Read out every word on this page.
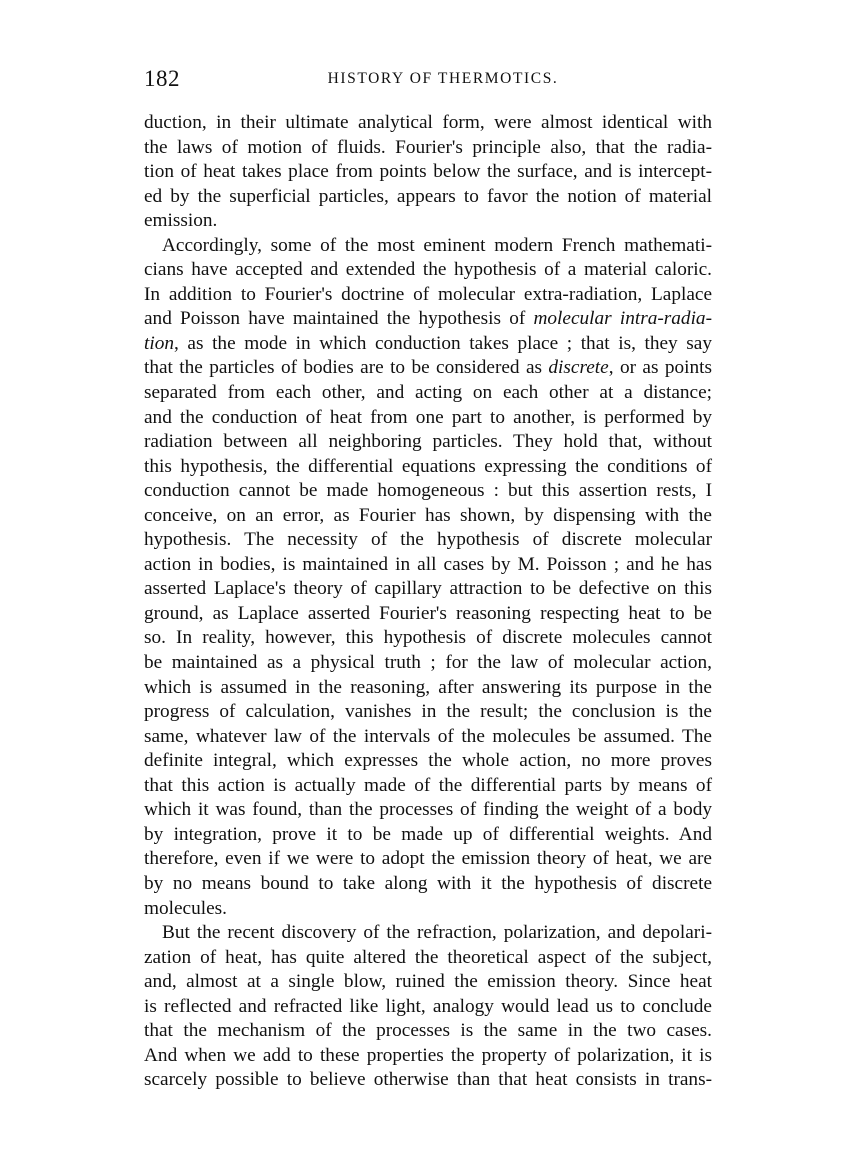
182	HISTORY OF THERMOTICS.
duction, in their ultimate analytical form, were almost identical with
the laws of motion of fluids. Fourier's principle also, that the radia-
tion of heat takes place from points below the surface, and is intercept-
ed by the superficial particles, appears to favor the notion of material
emission.
Accordingly, some of the most eminent modern French mathemati-
cians have accepted and extended the hypothesis of a material caloric.
In addition to Fourier's doctrine of molecular extra-radiation, Laplace
and Poisson have maintained the hypothesis of molecular intra-radia-
tion, as the mode in which conduction takes place ; that is, they say
that the particles of bodies are to be considered as discrete, or as points
separated from each other, and acting on each other at a distance;
and the conduction of heat from one part to another, is performed by
radiation between all neighboring particles. They hold that, without
this hypothesis, the differential equations expressing the conditions of
conduction cannot be made homogeneous : but this assertion rests, I
conceive, on an error, as Fourier has shown, by dispensing with the
hypothesis. The necessity of the hypothesis of discrete molecular
action in bodies, is maintained in all cases by M. Poisson ; and he has
asserted Laplace's theory of capillary attraction to be defective on this
ground, as Laplace asserted Fourier's reasoning respecting heat to be
so. In reality, however, this hypothesis of discrete molecules cannot
be maintained as a physical truth ; for the law of molecular action,
which is assumed in the reasoning, after answering its purpose in the
progress of calculation, vanishes in the result; the conclusion is the
same, whatever law of the intervals of the molecules be assumed. The
definite integral, which expresses the whole action, no more proves
that this action is actually made of the differential parts by means of
which it was found, than the processes of finding the weight of a body
by integration, prove it to be made up of differential weights. And
therefore, even if we were to adopt the emission theory of heat, we are
by no means bound to take along with it the hypothesis of discrete
molecules.
But the recent discovery of the refraction, polarization, and depolari-
zation of heat, has quite altered the theoretical aspect of the subject,
and, almost at a single blow, ruined the emission theory. Since heat
is reflected and refracted like light, analogy would lead us to conclude
that the mechanism of the processes is the same in the two cases.
And when we add to these properties the property of polarization, it is
scarcely possible to believe otherwise than that heat consists in trans-
